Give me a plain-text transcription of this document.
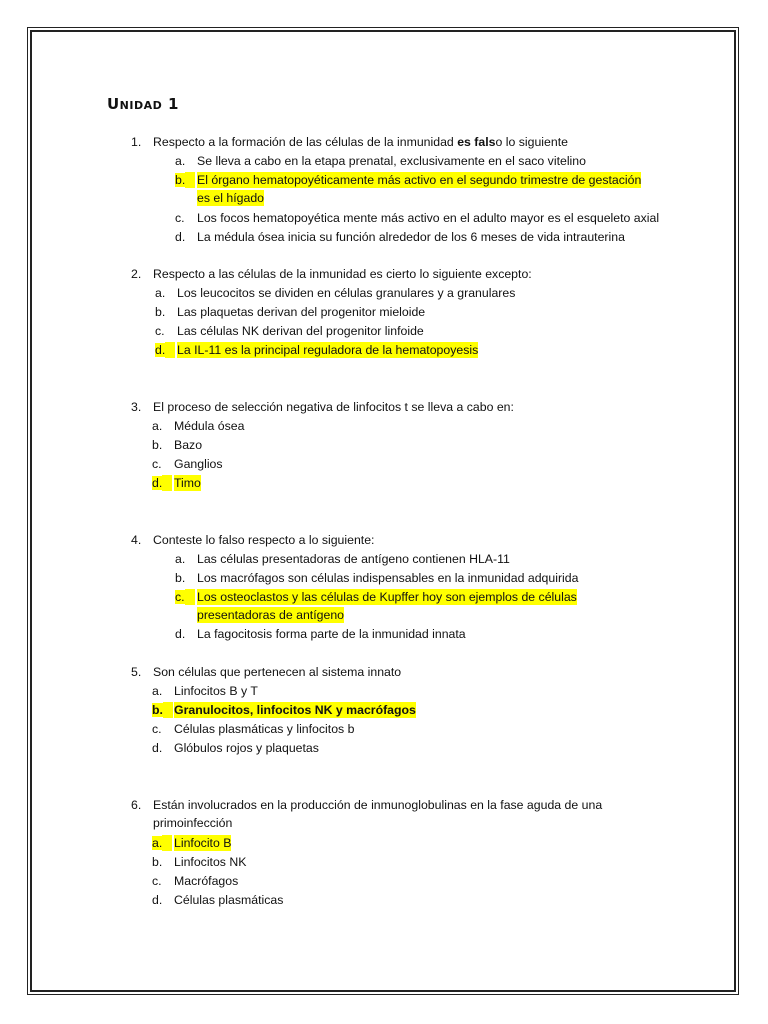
Unidad 1
1. Respecto a la formación de las células de la inmunidad es falso lo siguiente
a. Se lleva a cabo en la etapa prenatal, exclusivamente en el saco vitelino
b. El órgano hematopoyéticamente más activo en el segundo trimestre de gestación
es el hígado
c. Los focos hematopoyética mente más activo en el adulto mayor es el esqueleto axial
d. La médula ósea inicia su función alrededor de los 6 meses de vida intrauterina
2. Respecto a las células de la inmunidad es cierto lo siguiente excepto:
a. Los leucocitos se dividen en células granulares y a granulares
b. Las plaquetas derivan del progenitor mieloide
c. Las células NK derivan del progenitor linfoide
d. La IL-11 es la principal reguladora de la hematopoyesis
3. El proceso de selección negativa de linfocitos t se lleva a cabo en:
a. Médula ósea
b. Bazo
c. Ganglios
d. Timo
4. Conteste lo falso respecto a lo siguiente:
a. Las células presentadoras de antígeno contienen HLA-11
b. Los macrófagos son células indispensables en la inmunidad adquirida
c. Los osteoclastos y las células de Kupffer hoy son ejemplos de células
presentadoras de antígeno
d. La fagocitosis forma parte de la inmunidad innata
5. Son células que pertenecen al sistema innato
a. Linfocitos B y T
b. Granulocitos, linfocitos NK y macrófagos
c. Células plasmáticas y linfocitos b
d. Glóbulos rojos y plaquetas
6. Están involucrados en la producción de inmunoglobulinas en la fase aguda de una
primoinfección
a. Linfocito B
b. Linfocitos NK
c. Macrófagos
d. Células plasmáticas
